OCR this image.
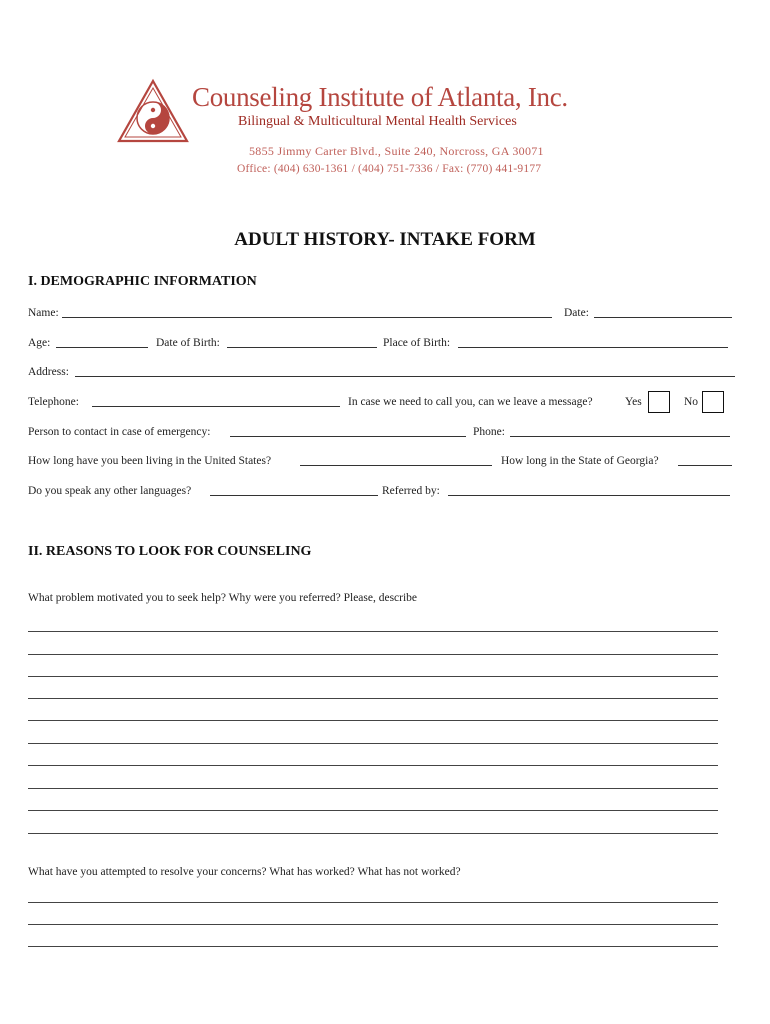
Counseling Institute of Atlanta, Inc.
Bilingual & Multicultural Mental Health Services
5855 Jimmy Carter Blvd., Suite 240, Norcross, GA 30071
Office: (404) 630-1361 / (404) 751-7336 / Fax: (770) 441-9177
ADULT HISTORY- INTAKE FORM
I. DEMOGRAPHIC INFORMATION
Name:	Date:
Age:	Date of Birth:	Place of Birth:
Address:
Telephone:	In case we need to call you, can we leave a message?	Yes	No
Person to contact in case of emergency:	Phone:
How long have you been living in the United States?	How long in the State of Georgia?
Do you speak any other languages?	Referred by:
II. REASONS TO LOOK FOR COUNSELING
What problem motivated you to seek help? Why were you referred? Please, describe
What have you attempted to resolve your concerns? What has worked? What has not worked?
